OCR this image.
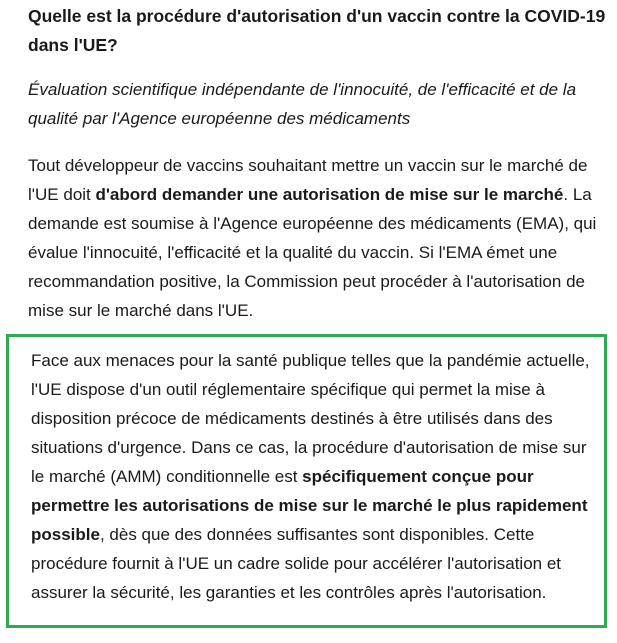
Quelle est la procédure d'autorisation d'un vaccin contre la COVID-19 dans l'UE?

Évaluation scientifique indépendante de l'innocuité, de l'efficacité et de la qualité par l'Agence européenne des médicaments

Tout développeur de vaccins souhaitant mettre un vaccin sur le marché de l'UE doit d'abord demander une autorisation de mise sur le marché. La demande est soumise à l'Agence européenne des médicaments (EMA), qui évalue l'innocuité, l'efficacité et la qualité du vaccin. Si l'EMA émet une recommandation positive, la Commission peut procéder à l'autorisation de mise sur le marché dans l'UE.

Face aux menaces pour la santé publique telles que la pandémie actuelle, l'UE dispose d'un outil réglementaire spécifique qui permet la mise à disposition précoce de médicaments destinés à être utilisés dans des situations d'urgence. Dans ce cas, la procédure d'autorisation de mise sur le marché (AMM) conditionnelle est spécifiquement conçue pour permettre les autorisations de mise sur le marché le plus rapidement possible, dès que des données suffisantes sont disponibles. Cette procédure fournit à l'UE un cadre solide pour accélérer l'autorisation et assurer la sécurité, les garanties et les contrôles après l'autorisation.
